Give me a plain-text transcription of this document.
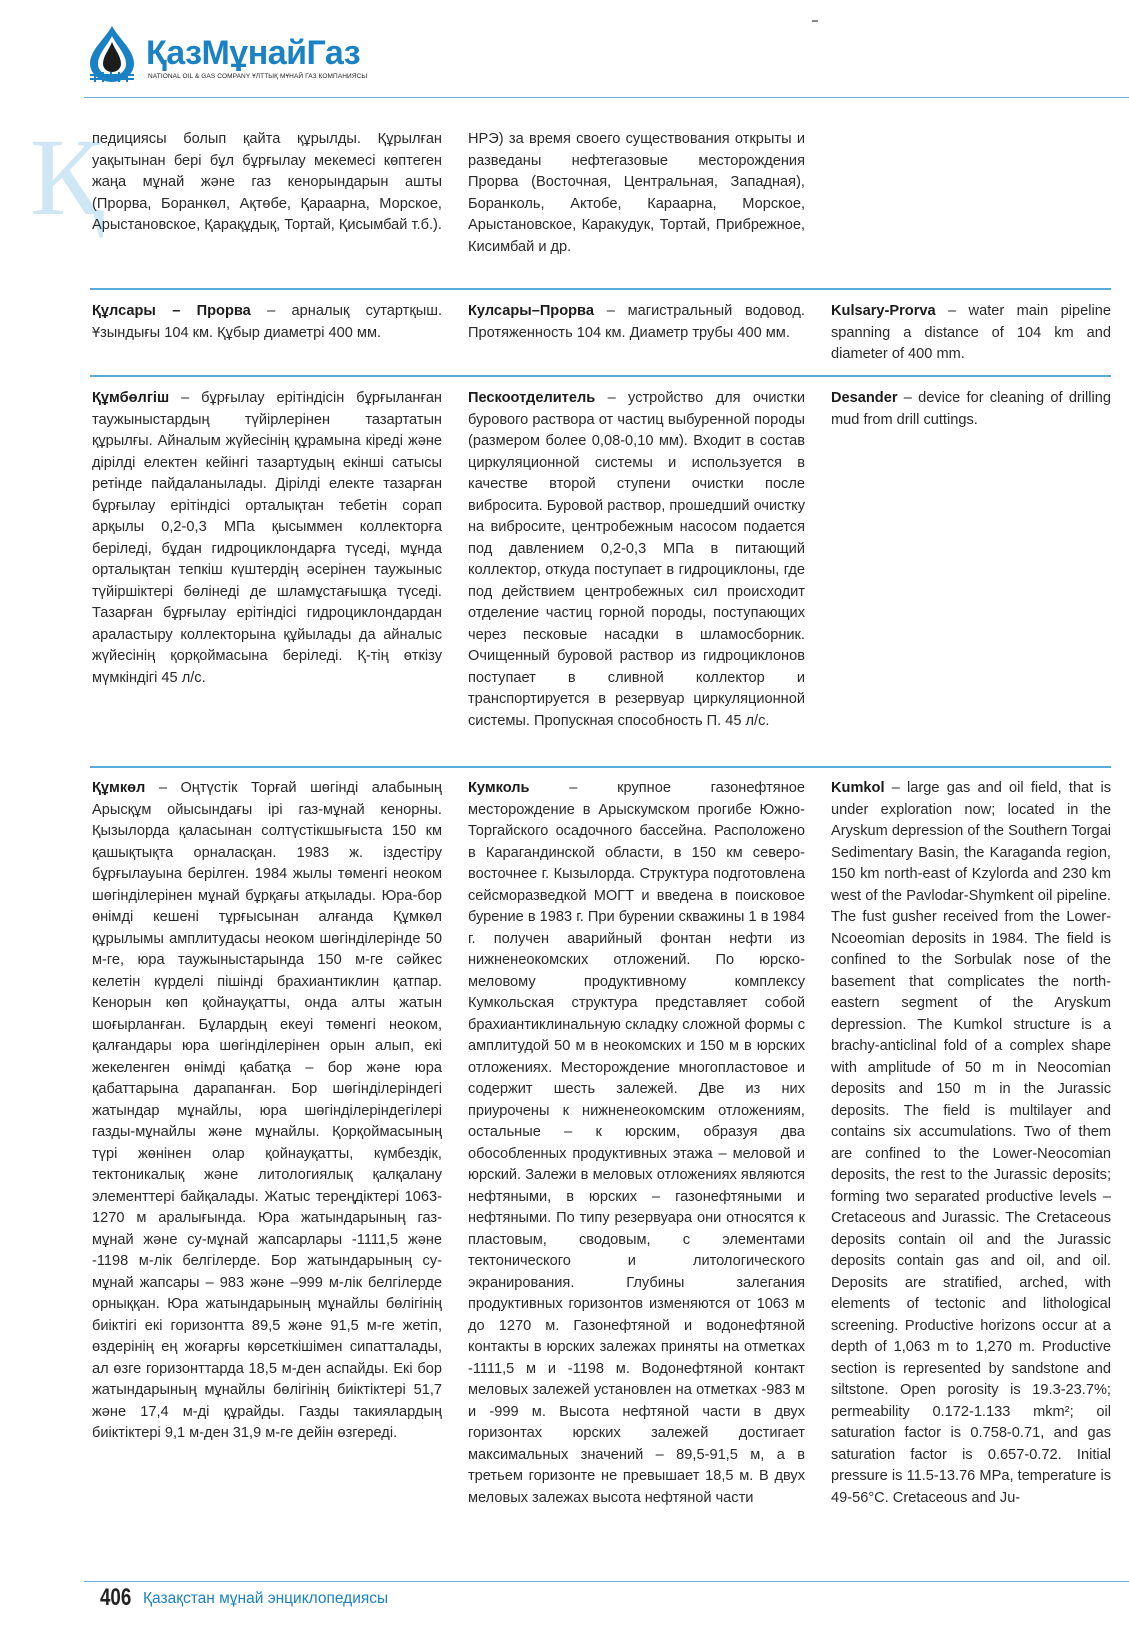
ҚазМұнайГаз
NATIONAL OIL & GAS COMPANY ҰЛТТЫҚ МҰНАЙ ГАЗ КОМПАНИЯСЫ
Қ

педициясы болып қайта құрылды. Құрылған уақытынан бері бұл бұрғылау мекемесі көптеген жаңа мұнай және газ кенорындарын ашты (Прорва, Боранкөл, Ақтөбе, Қараарна, Морское, Арыстановское, Қарақұдық, Тортай, Қисымбай т.б.).

НРЭ) за время своего существования открыты и разведаны нефтегазовые месторождения Прорва (Восточная, Центральная, Западная), Боранколь, Актобе, Караарна, Морское, Арыстановское, Каракудук, Тортай, Прибрежное, Кисимбай и др.

Құлсары – Прорва – арналық сутартқыш. Ұзындығы 104 км. Құбыр диаметрі 400 мм.

Кулсары–Прорва – магистральный водовод. Протяженность 104 км. Диаметр трубы 400 мм.

Kulsary-Prorva – water main pipeline spanning a distance of 104 km and diameter of 400 mm.

Құмбөлгіш – бұрғылау ерітіндісін бұрғыланған таужыныстардың түйірлерінен тазартатын құрылғы. Айналым жүйесінің құрамына кіреді және дірілді електен кейінгі тазартудың екінші сатысы ретінде пайдаланылады. Дірілді електе тазарған бұрғылау ерітіндісі орталықтан тебетін сорап арқылы 0,2-0,3 МПа қысыммен коллекторға беріледі, бұдан гидроциклондарға түседі, мұнда орталықтан тепкіш күштердің әсерінен таужыныс түйіршіктері бөлінеді де шламұстағышқа түседі. Тазарған бұрғылау ерітіндісі гидроциклондардан араластыру коллекторына құйылады да айналыс жүйесінің қорқоймасына беріледі. Қ-тің өткізу мүмкіндігі 45 л/с.

Пескоотделитель – устройство для очистки бурового раствора от частиц выбуренной породы (размером более 0,08-0,10 мм). Входит в состав циркуляционной системы и используется в качестве второй ступени очистки после вибросита. Буровой раствор, прошедший очистку на вибросите, центробежным насосом подается под давлением 0,2-0,3 МПа в питающий коллектор, откуда поступает в гидроциклоны, где под действием центробежных сил происходит отделение частиц горной породы, поступающих через песковые насадки в шламосборник. Очищенный буровой раствор из гидроциклонов поступает в сливной коллектор и транспортируется в резервуар циркуляционной системы. Пропускная способность П. 45 л/с.

Desander – device for cleaning of drilling mud from drill cuttings.

Құмкөл – Оңтүстік Торғай шөгінді алабының Арысқұм ойысындағы ірі газ-мұнай кенорны. Қызылорда қаласынан солтүстікшығыста 150 км қашықтықта орналасқан. 1983 ж. іздестіру бұрғылауына берілген. 1984 жылы төменгі неоком шөгінділерінен мұнай бұрқағы атқылады. Юра-бор өнімді кешені тұрғысынан алғанда Құмкөл құрылымы амплитудасы неоком шөгінділерінде 50 м-ге, юра таужыныстарында 150 м-ге сәйкес келетін күрделі пішінді брахиантиклин қатпар. Кенорын көп қойнауқатты, онда алты жатын шоғырланған. Бұлардың екеуі төменгі неоком, қалғандары юра шөгінділерінен орын алып, екі жекеленген өнімді қабатқа – бор және юра қабаттарына дарапанған. Бор шөгінділеріндегі жатындар мұнайлы, юра шөгінділеріндегілері газды-мұнайлы және мұнайлы. Қорқоймасының түрі жөнінен олар қойнауқатты, күмбездік, тектоникалық және литологиялық қалқалану элементтері байқалады. Жатыс тереңдіктері 1063-1270 м аралығында. Юра жатындарының газ-мұнай және су-мұнай жапсарлары -1111,5 және -1198 м-лік белгілерде. Бор жатындарының су-мұнай жапсары – 983 және –999 м-лік белгілерде орныққан. Юра жатындарының мұнайлы бөлігінің биіктігі екі горизонтта 89,5 және 91,5 м-ге жетіп, өздерінің ең жоғарғы көрсеткішімен сипатталады, ал өзге горизонттарда 18,5 м-ден аспайды. Екі бор жатындарының мұнайлы бөлігінің биіктіктері 51,7 және 17,4 м-ді құрайды. Газды такиялардың биіктіктері 9,1 м-ден 31,9 м-ге дейін өзгереді.

Кумколь – крупное газонефтяное месторождение в Арыскумском прогибе Южно-Торгайского осадочного бассейна. Расположено в Карагандинской области, в 150 км северо-восточнее г. Кызылорда. Структура подготовлена сейсморазведкой МОГТ и введена в поисковое бурение в 1983 г. При бурении скважины 1 в 1984 г. получен аварийный фонтан нефти из нижненеокомских отложений. По юрско-меловому продуктивному комплексу Кумкольская структура представляет собой брахиантиклинальную складку сложной формы с амплитудой 50 м в неокомских и 150 м в юрских отложениях. Месторождение многопластовое и содержит шесть залежей. Две из них приурочены к нижненеокомским отложениям, остальные – к юрским, образуя два обособленных продуктивных этажа – меловой и юрский. Залежи в меловых отложениях являются нефтяными, в юрских – газонефтяными и нефтяными. По типу резервуара они относятся к пластовым, сводовым, с элементами тектонического и литологического экранирования. Глубины залегания продуктивных горизонтов изменяются от 1063 м до 1270 м. Газонефтяной и водонефтяной контакты в юрских залежах приняты на отметках -1111,5 м и -1198 м. Водонефтяной контакт меловых залежей установлен на отметках -983 м и -999 м. Высота нефтяной части в двух горизонтах юрских залежей достигает максимальных значений – 89,5-91,5 м, а в третьем горизонте не превышает 18,5 м. В двух меловых залежах высота нефтяной части

Kumkol – large gas and oil field, that is under exploration now; located in the Aryskum depression of the Southern Torgai Sedimentary Basin, the Karaganda region, 150 km north-east of Kzylorda and 230 km west of the Pavlodar-Shymkent oil pipeline. The fust gusher received from the Lower-Ncoeomian deposits in 1984. The field is confined to the Sorbulak nose of the basement that complicates the north-eastern segment of the Aryskum depression. The Kumkol structure is a brachy-anticlinal fold of a complex shape with amplitude of 50 m in Neocomian deposits and 150 m in the Jurassic deposits. The field is multilayer and contains six accumulations. Two of them are confined to the Lower-Neocomian deposits, the rest to the Jurassic deposits; forming two separated productive levels – Cretaceous and Jurassic. The Cretaceous deposits contain oil and the Jurassic deposits contain gas and oil, and oil. Deposits are stratified, arched, with elements of tectonic and lithological screening. Productive horizons occur at a depth of 1,063 m to 1,270 m. Productive section is represented by sandstone and siltstone. Open porosity is 19.3-23.7%; permeability 0.172-1.133 mkm²; oil saturation factor is 0.758-0.71, and gas saturation factor is 0.657-0.72. Initial pressure is 11.5-13.76 MPa, temperature is 49-56°C. Cretaceous and Ju-

406 Қазақстан мұнай энциклопедиясы
